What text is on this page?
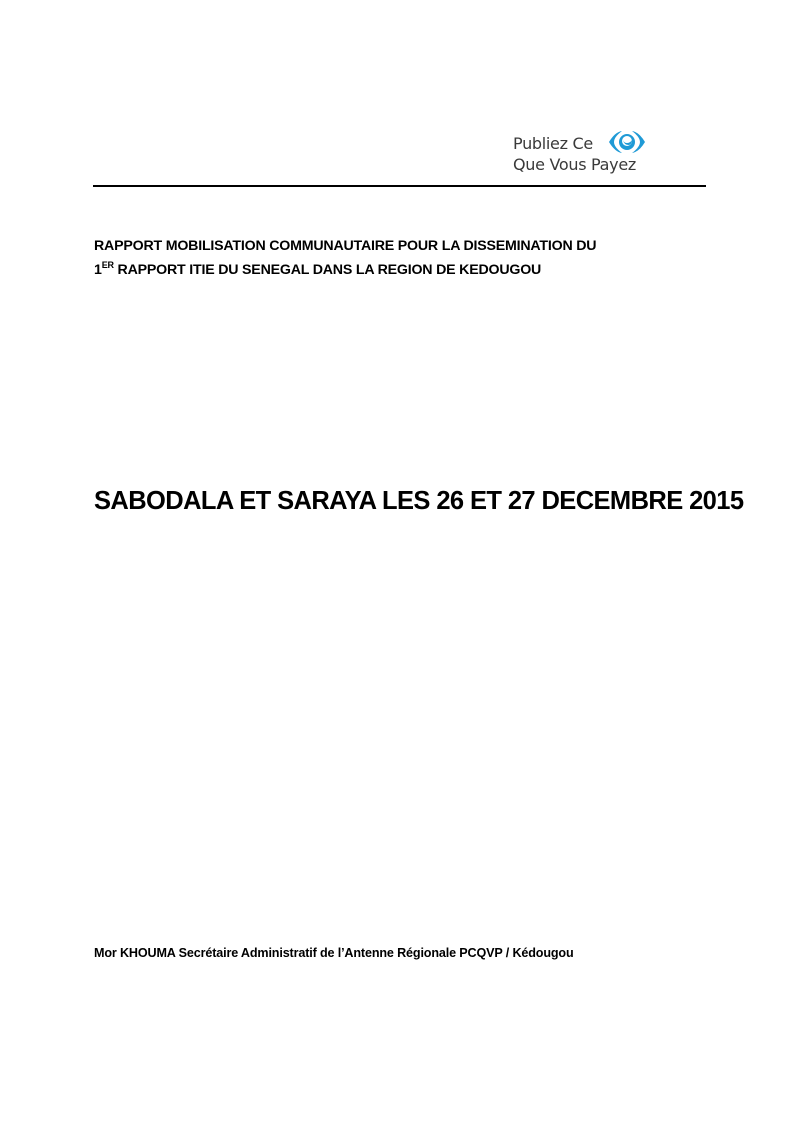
Publiez Ce
Que Vous Payez
RAPPORT MOBILISATION COMMUNAUTAIRE POUR LA DISSEMINATION DU
1ER RAPPORT ITIE DU SENEGAL DANS LA REGION DE KEDOUGOU
SABODALA ET SARAYA LES 26 ET 27 DECEMBRE 2015
Mor KHOUMA Secrétaire Administratif de l’Antenne Régionale PCQVP / Kédougou
